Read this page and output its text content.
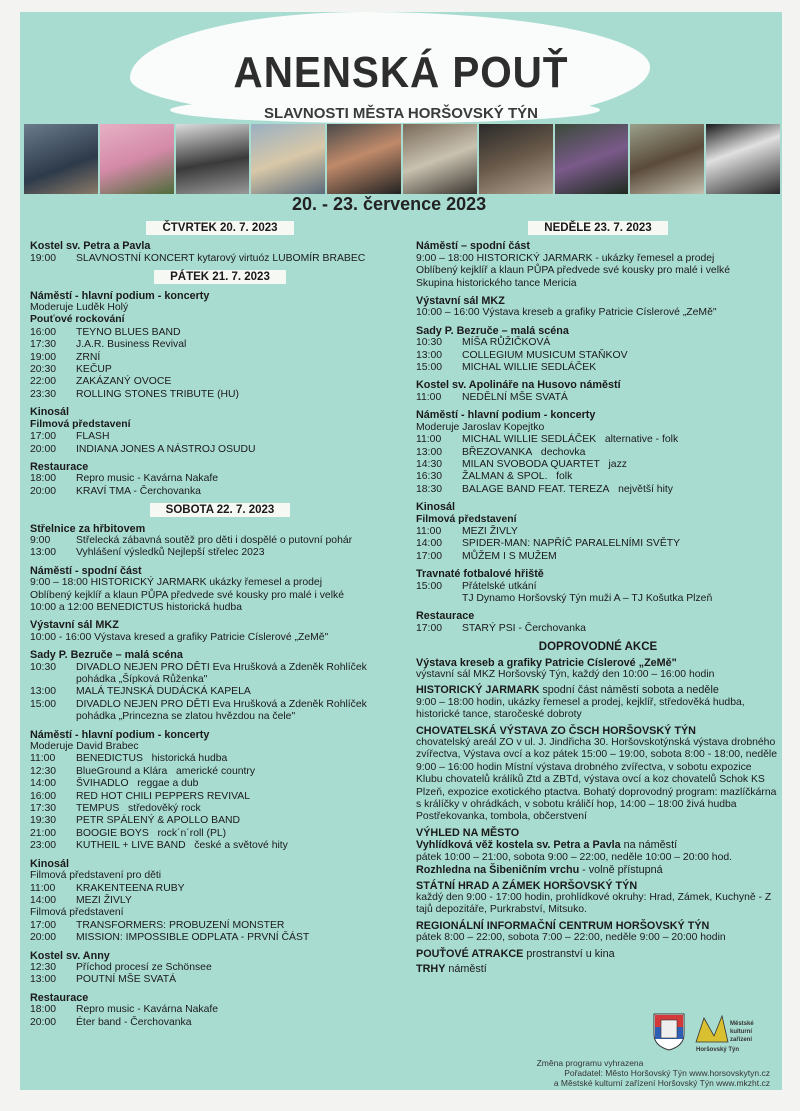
ANENSKÁ POUŤ
SLAVNOSTI MĚSTA HORŠOVSKÝ TÝN
20. - 23. července 2023
ČTVRTEK 20. 7. 2023
Kostel sv. Petra a Pavla
19:00	SLAVNOSTNÍ KONCERT kytarový virtuóz LUBOMÍR BRABEC
PÁTEK 21. 7. 2023
Náměstí - hlavní podium - koncerty
Moderuje Luděk Holý
Pouťové rockování
16:00	TEYNO BLUES BAND
17:30	J.A.R. Business Revival
19:00	ZRNÍ
20:30	KEČUP
22:00	ZAKÁZANÝ OVOCE
23:30	ROLLING STONES TRIBUTE (HU)
Kinosál
Filmová představení
17:00	FLASH
20:00	INDIANA JONES A NÁSTROJ OSUDU
Restaurace
18:00	Repro music - Kavárna Nakafe
20:00	KRAVÍ TMA - Čerchovanka
SOBOTA 22. 7. 2023
Střelnice za hřbitovem
9:00	Střelecká zábavná soutěž pro děti i dospělé o putovní pohár
13:00	Vyhlášení výsledků Nejlepší střelec 2023
Náměstí - spodní část
9:00 – 18:00 HISTORICKÝ JARMARK ukázky řemesel a prodej
Oblíbený kejklíř a klaun PŮPA předvede své kousky pro malé i velké
10:00 a 12:00 BENEDICTUS historická hudba
Výstavní sál MKZ
10:00 - 16:00 Výstava kresed a grafiky Patricie Císlerové „ZeMě"
Sady P. Bezruče – malá scéna
10:30	DIVADLO NEJEN PRO DĚTI Eva Hrušková a Zdeněk Rohlíček
pohádka „Šípková Růženka"
13:00	MALÁ TEJNSKÁ DUDÁCKÁ KAPELA
15:00	DIVADLO NEJEN PRO DĚTI Eva Hrušková a Zdeněk Rohlíček
pohádka „Princezna se zlatou hvězdou na čele"
Náměstí - hlavní podium - koncerty
Moderuje David Brabec
11:00	BENEDICTUS historická hudba
12:30	BlueGround a Klára americké country
14:00	ŠVIHADLO reggae a dub
16:00	RED HOT CHILI PEPPERS REVIVAL
17:30	TEMPUS středověký rock
19:30	PETR SPÁLENÝ & APOLLO BAND
21:00	BOOGIE BOYS rock´n´roll (PL)
23:00	KUTHEIL + LIVE BAND české a světové hity
Kinosál
Filmová představení pro děti
11:00	KRAKENTEENA RUBY
14:00	MEZI ŽIVLY
Filmová představení
17:00	TRANSFORMERS: PROBUZENÍ MONSTER
20:00	MISSION: IMPOSSIBLE ODPLATA - PRVNÍ ČÁST
Kostel sv. Anny
12:30	Příchod procesí ze Schönsee
13:00	POUTNÍ MŠE SVATÁ
Restaurace
18:00	Repro music - Kavárna Nakafe
20:00	Éter band - Čerchovanka
NEDĚLE 23. 7. 2023
Náměstí – spodní část
9:00 – 18:00 HISTORICKÝ JARMARK - ukázky řemesel a prodej
Oblíbený kejklíř a klaun PŮPA předvede své kousky pro malé i velké
Skupina historického tance Mericia
Výstavní sál MKZ
10:00 – 16:00 Výstava kreseb a grafiky Patricie Císlerové „ZeMě"
Sady P. Bezruče – malá scéna
10:30	MÍŠA RŮŽIČKOVÁ
13:00	COLLEGIUM MUSICUM STAŇKOV
15:00	MICHAL WILLIE SEDLÁČEK
Kostel sv. Apolináře na Husovo náměstí
11:00	NEDĚLNÍ MŠE SVATÁ
Náměstí - hlavní podium - koncerty
Moderuje Jaroslav Kopejtko
11:00	MICHAL WILLIE SEDLÁČEK alternative - folk
13:00	BŘEZOVANKA dechovka
14:30	MILAN SVOBODA QUARTET jazz
16:30	ŽALMAN & SPOL. folk
18:30	BALAGE BAND FEAT. TEREZA největší hity
Kinosál
Filmová představení
11:00	MEZI ŽIVLY
14:00	SPIDER-MAN: NAPŘÍČ PARALELNÍMI SVĚTY
17:00	MŮŽEM I S MUŽEM
Travnaté fotbalové hřiště
15:00	Přátelské utkání
TJ Dynamo Horšovský Týn muži A – TJ Košutka Plzeň
Restaurace
17:00	STARÝ PSI - Čerchovanka
DOPROVODNÉ AKCE
Výstava kreseb a grafiky Patricie Císlerové „ZeMě"
výstavní sál MKZ Horšovský Týn, každý den 10:00 – 16:00 hodin
HISTORICKÝ JARMARK spodní část náměstí sobota a neděle
9:00 – 18:00 hodin, ukázky řemesel a prodej, kejklíř, středověká hudba, historické tance, staročeské dobroty
CHOVATELSKÁ VÝSTAVA ZO ČSCH HORŠOVSKÝ TÝN
chovatelský areál ZO v ul. J. Jindřicha 30. Horšovskotýnská výstava drobného zvířectva, Výstava ovcí a koz pátek 15:00 – 19:00, sobota 8:00 - 18:00, neděle 9:00 – 16:00 hodin Místní výstava drobného zvířectva, v sobotu expozice Klubu chovatelů králíků Ztd a ZBTd, výstava ovcí a koz chovatelů Schok KS Plzeň, expozice exotického ptactva. Bohatý doprovodný program: mazlíčkárna s králíčky v ohrádkách, v sobotu králičí hop, 14:00 – 18:00 živá hudba Postřekovanka, tombola, občerstvení
VÝHLED NA MĚSTO
Vyhlídková věž kostela sv. Petra a Pavla na náměstí
pátek 10:00 – 21:00, sobota 9:00 – 22:00, neděle 10:00 – 20:00 hod.
Rozhledna na Šibeničním vrchu - volně přístupná
STÁTNÍ HRAD A ZÁMEK HORŠOVSKÝ TÝN
každý den 9:00 - 17:00 hodin, prohlídkové okruhy: Hrad, Zámek, Kuchyně - Z tajů depozitáře, Purkrabství, Mitsuko.
REGIONÁLNÍ INFORMAČNÍ CENTRUM HORŠOVSKÝ TÝN
pátek 8:00 – 22:00, sobota 7:00 – 22:00, neděle 9:00 – 20:00 hodin
POUŤOVÉ ATRAKCE prostranství u kina
TRHY náměstí
Městské
kulturní
zařízení
Horšovský Týn
Změna programu vyhrazena
Pořadatel: Město Horšovský Týn www.horsovskytyn.cz
a Městské kulturní zařízení Horšovský Týn www.mkzht.cz
